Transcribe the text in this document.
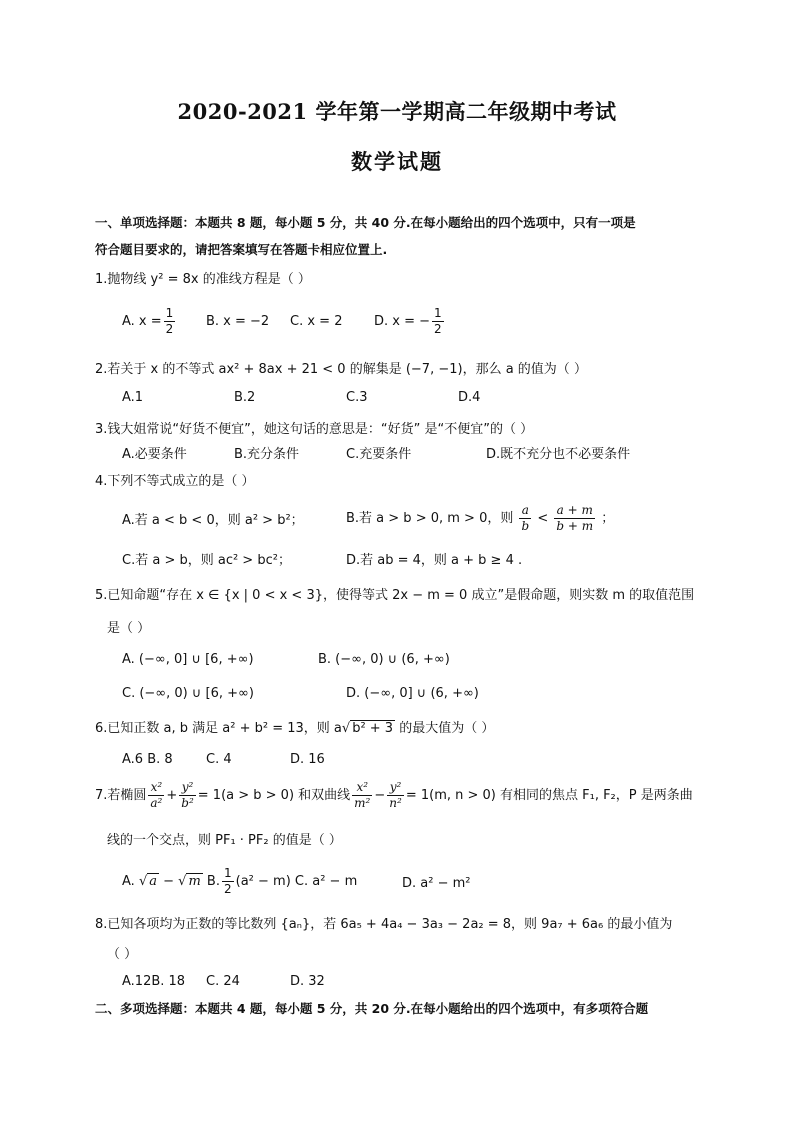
2020-2021 学年第一学期高二年级期中考试
数学试题
一、单项选择题：本题共 8 题，每小题 5 分，共 40 分.在每小题给出的四个选项中，只有一项是
符合题目要求的，请把答案填写在答题卡相应位置上.
1.抛物线 y² = 8x 的准线方程是（ ）
A. $x = \frac{1}{2} B$. x = −2 C. x = 2 D. x = − $\frac{1}{2}$
2.若关于 x 的不等式 ax² + 8ax + 21 < 0 的解集是 (−7, −1)，那么 a 的值为（ ）
A.1	B.2	C.3	D.4
3.钱大姐常说“好货不便宜”，她这句话的意思是：“好货” 是“不便宜”的（ ）
A.必要条件	B.充分条件	C.充要条件	D.既不充分也不必要条件
4.下列不等式成立的是（ ）
A.若 a < b < 0，则 a² > b²；	B.若 a > b > 0, m > 0，则 $\frac{a}{b} < \frac{a + m}{b + m}$ ；
C.若 a > b，则 ac² > bc²；	D.若 ab = 4，则 a + b ≥ 4 .
5.已知命题“存在 x ∈ {x | 0 < x < 3}，使得等式 2x − m = 0 成立”是假命题，则实数 m 的取值范围
是（ ）
A. (−∞, 0] ∪ [6, +∞)	B. (−∞, 0) ∪ (6, +∞)
C. (−∞, 0) ∪ [6, +∞)	D. (−∞, 0] ∪ (6, +∞)
6.已知正数 a, b 满足 a² + b² = 13，则 a√ b² + 3 的最大值为（ ）
A.6 B. 8	C. 4	D. 16
7.若椭圆 $\frac{\text{x²}}{\text{a²}} + \frac{\text{y²}}{\text{b²}} = 1(a > b > 0)$ 和双曲线 $\frac{\text{x²}}{\text{m²}} - \frac{\text{y²}}{\text{n²}} = 1(m$, n > 0) 有相同的焦点 F₁, F₂，P 是两条曲
线的一个交点，则 PF₁ · PF₂ 的值是（ ）
A. √ a − √ m B. $\frac{1}{2} (a^2 - m)$ C. a² − m	D. a² − m²
8.已知各项均为正数的等比数列 {aₙ}，若 6a₅ + 4a₄ − 3a₃ − 2a₂ = 8，则 9a₇ + 6a₆ 的最小值为
（ ）
A.12B. 18 C. 24	D. 32
二、多项选择题：本题共 4 题，每小题 5 分，共 20 分.在每小题给出的四个选项中，有多项符合题
